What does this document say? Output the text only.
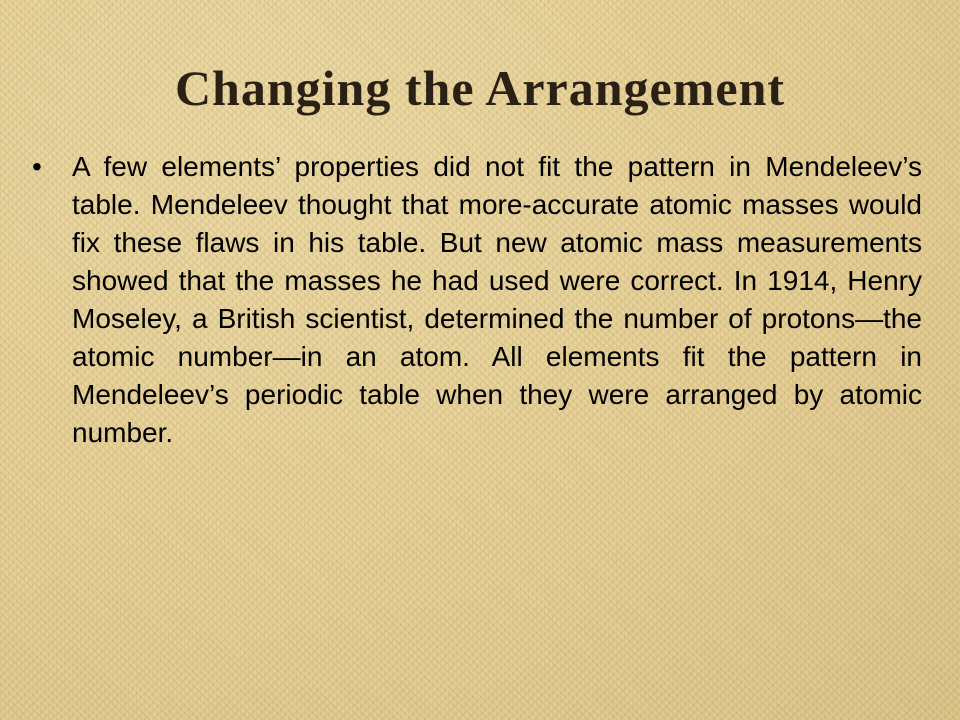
Changing the Arrangement
• A few elements’ properties did not fit the pattern in Mendeleev’s table. Mendeleev thought that more-accurate atomic masses would fix these flaws in his table. But new atomic mass measurements showed that the masses he had used were correct. In 1914, Henry Moseley, a British scientist, determined the number of protons—the atomic number—in an atom. All elements fit the pattern in Mendeleev’s periodic table when they were arranged by atomic number.
